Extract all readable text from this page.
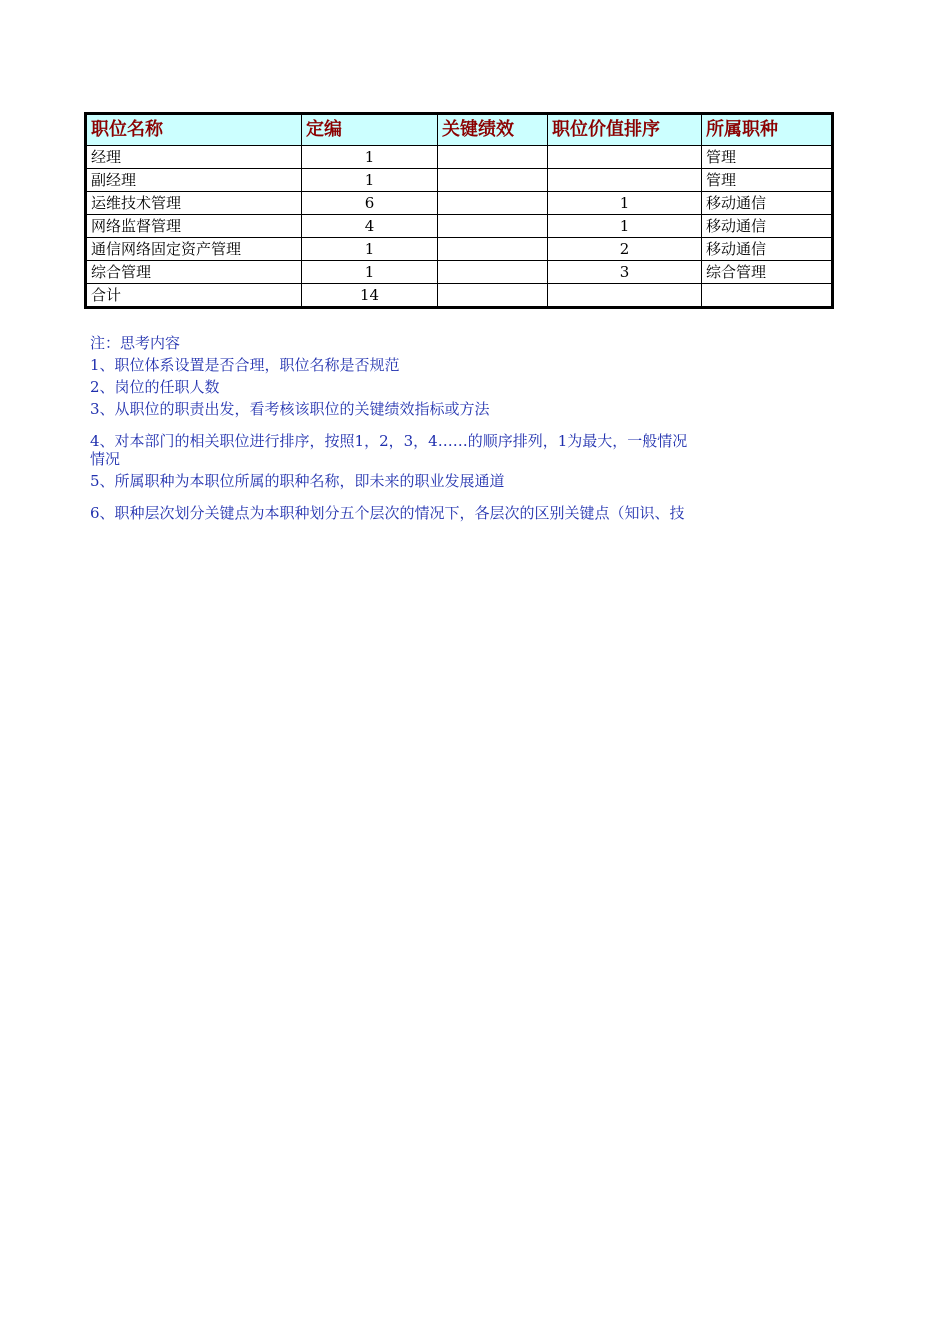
职位名称	定编	关键绩效	职位价值排序	所属职种
经理	1			管理
副经理	1			管理
运维技术管理	6		1	移动通信
网络监督管理	4		1	移动通信
通信网络固定资产管理	1		2	移动通信
综合管理	1		3	综合管理
合计	14			
注：思考内容
1、职位体系设置是否合理，职位名称是否规范
2、岗位的任职人数
3、从职位的职责出发，看考核该职位的关键绩效指标或方法
4、对本部门的相关职位进行排序，按照1，2，3，4……的顺序排列，1为最大，一般情况
情况
5、所属职种为本职位所属的职种名称，即未来的职业发展通道
6、职种层次划分关键点为本职种划分五个层次的情况下，各层次的区别关键点（知识、技
